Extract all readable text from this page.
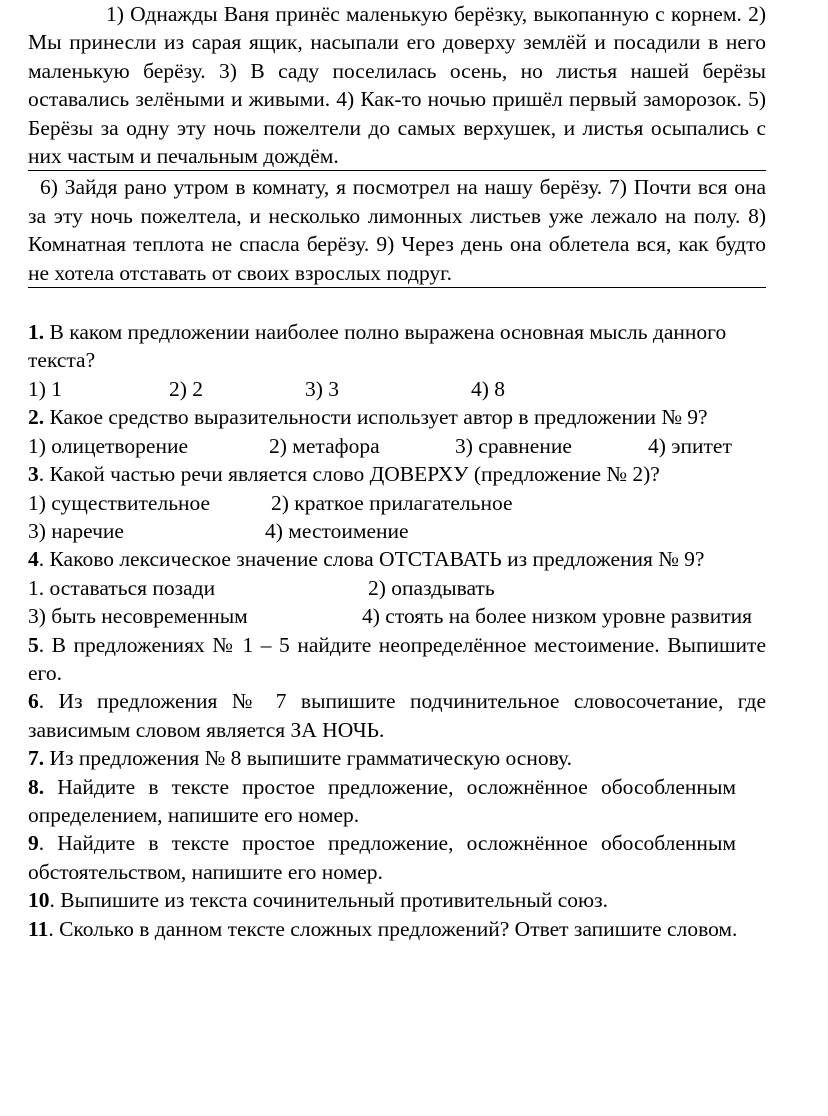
1) Однажды Ваня принёс маленькую берёзку, выкопанную с корнем. 2) Мы принесли из сарая ящик, насыпали его доверху землёй и посадили в него маленькую берёзу. 3) В саду поселилась осень, но листья нашей берёзы оставались зелёными и живыми. 4) Как-то ночью пришёл первый заморозок. 5) Берёзы за одну эту ночь пожелтели до самых верхушек, и листья осыпались с них частым и печальным дождём.

6) Зайдя рано утром в комнату, я посмотрел на нашу берёзу. 7) Почти вся она за эту ночь пожелтела, и несколько лимонных листьев уже лежало на полу. 8) Комнатная теплота не спасла берёзу. 9) Через день она облетела вся, как будто не хотела отставать от своих взрослых подруг.

1. В каком предложении наиболее полно выражена основная мысль данного текста?

1) 1	2) 2	3) 3	4) 8

2. Какое средство выразительности использует автор в предложении № 9?

1) олицетворение	2) метафора	3) сравнение	4) эпитет

3. Какой частью речи является слово ДОВЕРХУ (предложение № 2)?

1) существительное	2) краткое прилагательное
3) наречие	4) местоимение

4. Каково лексическое значение слова ОТСТАВАТЬ из предложения № 9?

1. оставаться позади	2) опаздывать
3) быть несовременным	4) стоять на более низком уровне развития

5. В предложениях № 1 – 5 найдите неопределённое местоимение. Выпишите его.

6. Из предложения № 7 выпишите подчинительное словосочетание, где зависимым словом является ЗА НОЧЬ.

7. Из предложения № 8 выпишите грамматическую основу.

8. Найдите в тексте простое предложение, осложнённое обособленным определением, напишите его номер.

9. Найдите в тексте простое предложение, осложнённое обособленным обстоятельством, напишите его номер.

10. Выпишите из текста сочинительный противительный союз.

11. Сколько в данном тексте сложных предложений? Ответ запишите словом.
